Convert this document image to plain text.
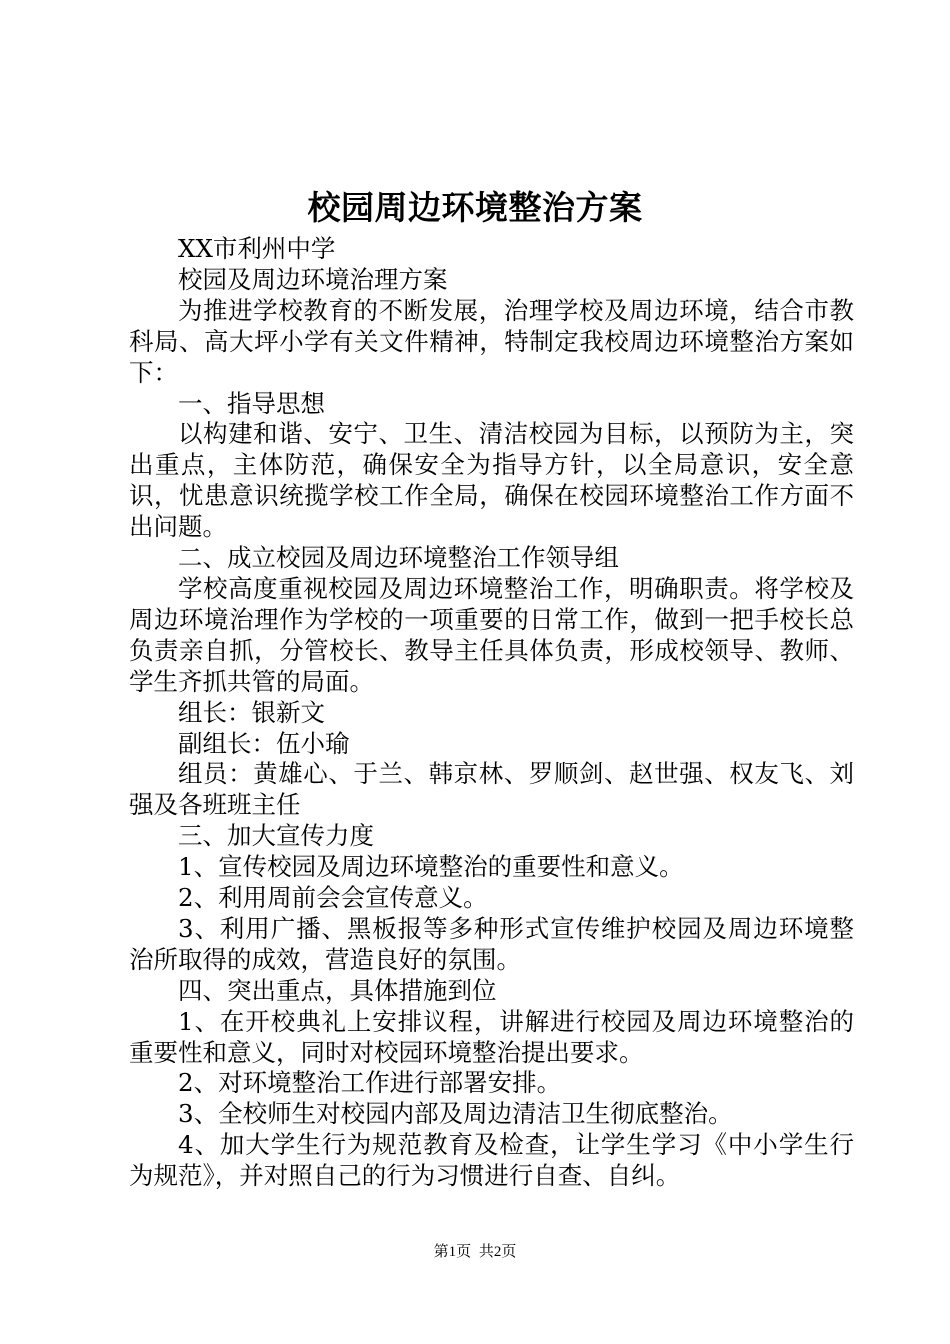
校园周边环境整治方案

XX市利州中学

校园及周边环境治理方案

为推进学校教育的不断发展，治理学校及周边环境，结合市教科局、高大坪小学有关文件精神，特制定我校周边环境整治方案如下：

一、指导思想

以构建和谐、安宁、卫生、清洁校园为目标，以预防为主，突出重点，主体防范，确保安全为指导方针，以全局意识，安全意识，忧患意识统揽学校工作全局，确保在校园环境整治工作方面不出问题。

二、成立校园及周边环境整治工作领导组

学校高度重视校园及周边环境整治工作，明确职责。将学校及周边环境治理作为学校的一项重要的日常工作，做到一把手校长总负责亲自抓，分管校长、教导主任具体负责，形成校领导、教师、学生齐抓共管的局面。

组长：银新文

副组长：伍小瑜

组员：黄雄心、于兰、韩京林、罗顺剑、赵世强、权友飞、刘强及各班班主任

三、加大宣传力度

1、宣传校园及周边环境整治的重要性和意义。

2、利用周前会会宣传意义。

3、利用广播、黑板报等多种形式宣传维护校园及周边环境整治所取得的成效，营造良好的氛围。

四、突出重点，具体措施到位

1、在开校典礼上安排议程，讲解进行校园及周边环境整治的重要性和意义，同时对校园环境整治提出要求。

2、对环境整治工作进行部署安排。

3、全校师生对校园内部及周边清洁卫生彻底整治。

4、加大学生行为规范教育及检查，让学生学习《中小学生行为规范》，并对照自己的行为习惯进行自查、自纠。

第1页 共2页
